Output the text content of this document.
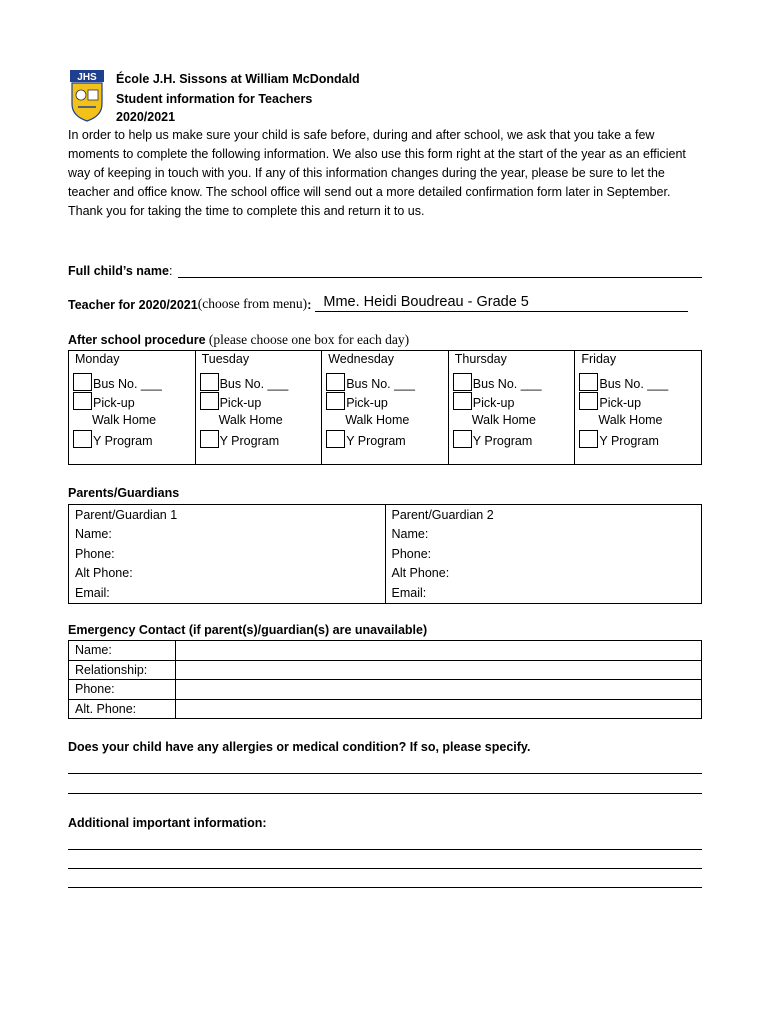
JHS École J.H. Sissons at William McDondald
Student information for Teachers
2020/2021
In order to help us make sure your child is safe before, during and after school, we ask that you take a few moments to complete the following information. We also use this form right at the start of the year as an efficient way of keeping in touch with you. If any of this information changes during the year, please be sure to let the teacher and office know. The school office will send out a more detailed confirmation form later in September. Thank you for taking the time to complete this and return it to us.
Full child’s name :
Teacher for 2020/2021 (choose from menu) : Mme. Heidi Boudreau - Grade 5
After school procedure (please choose one box for each day)
Monday
Bus No. ___
Pick-up
Walk Home
Y Program
Tuesday
Bus No. ___
Pick-up
Walk Home
Y Program
Wednesday
Bus No. ___
Pick-up
Walk Home
Y Program
Thursday
Bus No. ___
Pick-up
Walk Home
Y Program
Friday
Bus No. ___
Pick-up
Walk Home
Y Program
Parents/Guardians
Parent/Guardian 1	Parent/Guardian 2
Name:	Name:
Phone:	Phone:
Alt Phone:	Alt Phone:
Email:	Email:
Emergency Contact (if parent(s)/guardian(s) are unavailable)
Name:	
Relationship:	
Phone:	
Alt. Phone:	
Does your child have any allergies or medical condition? If so, please specify.
Additional important information:
